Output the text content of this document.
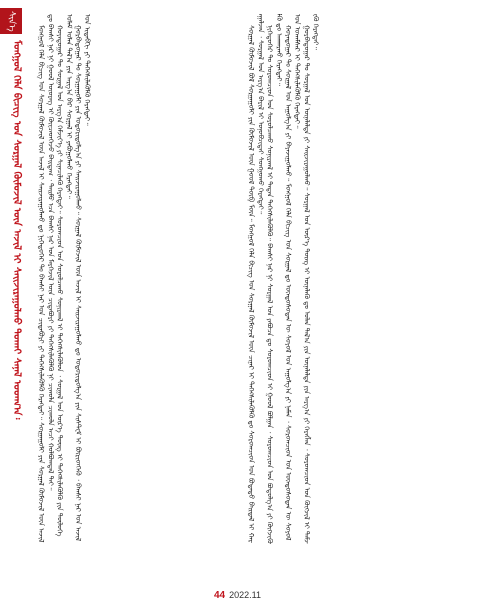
ᠰᠢᠨ᠎ᠡ
ᠮᠣᠩᠭᠣᠯ ᠬᠡᠯᠡ ᠪᠢᠴᠢᠭ ᠤᠨ ᠰᠤᠷᠭᠠᠯ ᠬᠦᠮᠦᠵᠢᠯ ᠦᠨ ᠠᠵᠢᠯ ᠢ ᠰᠠᠢᠵᠢᠷᠠᠭᠤᠯᠬᠤ ᠲᠤᠬᠠᠢ ᠰᠠᠨᠠᠯ ᠤᠳᠬ᠎ᠠ᠄ ᠮᠣᠩᠭᠣᠯ ᠬᠡᠯᠡ ᠪᠢᠴᠢᠭ ᠤᠨ ᠰᠤᠷᠭᠠᠯ ᠬᠦᠮᠦᠵᠢᠯ ᠦᠨ ᠠᠵᠢᠯ ᠢ ᠰᠠᠢᠵᠢᠷᠠᠭᠤᠯᠬᠤ ᠳᠤ ᠨᠢᠭᠡᠳᠦᠭᠡᠷ ᠲᠤ ᠪᠠᠭᠰᠢ ᠨᠠᠷ ᠤᠨ ᠴᠢᠳᠠᠪᠤᠷᠢ ᠶᠢ ᠳᠡᠭᠡᠭᠰᠢᠯᠡᠭᠦᠯᠬᠦ ᠬᠡᠷᠡᠭᠲᠡᠢ᠃ ᠰᠤᠷᠭᠠᠭᠤᠯᠢ ᠶᠢᠨ ᠰᠤᠷᠭᠠᠯ ᠬᠦᠮᠦᠵᠢᠯ ᠦᠨ ᠠᠵᠢᠯ ᠳᠤ ᠪᠠᠭᠰᠢ ᠨᠠᠷ ᠨᠢ ᠭᠣᠣᠯ ᠦᠦᠷᠡᠭ ᠢ ᠭᠦᠢᠴᠡᠳᠬᠡᠵᠦ ᠪᠠᠢᠳᠠᠭ ᠂ ᠲᠡᠢᠮᠦ ᠡᠴᠡ ᠪᠠᠭᠰᠢ ᠨᠠᠷ ᠤᠨ ᠮᠡᠷᠭᠡᠵᠢᠯ ᠦᠨ ᠴᠢᠳᠠᠪᠤᠷᠢ ᠶᠢ ᠳᠡᠭᠡᠭᠰᠢᠯᠡᠭᠦᠯᠬᠦ ᠨᠢ ᠴᠢᠬᠤᠯᠠ ᠴᠢᠬᠤᠯᠠ ᠠᠴᠢ ᠬᠣᠯᠪᠣᠭᠳᠠᠯ ᠲᠠᠢ᠃ ᠬᠣᠶᠠᠳᠤᠭᠠᠷ ᠲᠤ ᠰᠤᠷᠭᠠᠯ ᠤᠨ ᠠᠷᠭ᠎ᠠ ᠬᠡᠮᠵᠢᠶ᠎ᠡ ᠶᠢ ᠰᠢᠨᠡᠴᠢᠯᠡᠬᠦ ᠬᠡᠷᠡᠭᠲᠡᠢ᠃ ᠰᠤᠷᠤᠭᠴᠢᠳ ᠤᠨ ᠰᠤᠷᠤᠯᠴᠠᠬᠤ ᠰᠣᠨᠢᠷᠬᠠᠯ ᠢ ᠳᠡᠭᠡᠭᠰᠢᠯᠡᠭᠦᠯᠦᠨ ᠂ ᠰᠤᠷᠭᠠᠯ ᠤᠨ ᠦᠷ᠎ᠡ ᠳᠦᠩ ᠢ ᠳᠡᠭᠡᠭᠰᠢᠯᠡᠭᠦᠯᠬᠦ ᠶᠢᠨ ᠲᠥᠯᠦᠭᠡ ᠤᠯᠠᠮ ᠣᠯᠠᠨ ᠲᠠᠯ᠎ᠠ ᠶᠢᠨ ᠠᠷᠭ᠎ᠠ ᠪᠠᠷ ᠰᠤᠷᠭᠠᠯ ᠢ ᠶᠠᠪᠤᠭᠤᠯᠬᠤ ᠬᠡᠷᠡᠭᠲᠡᠢ᠃ ᠭᠤᠷᠪᠠᠳᠤᠭᠠᠷ ᠲᠤ ᠰᠤᠷᠭᠠᠭᠤᠯᠢ ᠶᠢᠨ ᠤᠳᠤᠷᠢᠳᠤᠯᠭ᠎ᠠ ᠶᠢ ᠰᠠᠢᠵᠢᠷᠠᠭᠤᠯᠬᠤ᠃ ᠰᠤᠷᠭᠠᠯ ᠬᠦᠮᠦᠵᠢᠯ ᠦᠨ ᠠᠵᠢᠯ ᠢ ᠰᠠᠢᠵᠢᠷᠠᠭᠤᠯᠬᠤ ᠳᠤ ᠤᠳᠤᠷᠢᠳᠤᠯᠭ᠎ᠠ ᠶᠢᠨ ᠰᠢᠰᠲ᠋ᠧᠮ ᠢ ᠪᠦᠷᠢᠳᠬᠡᠬᠦ ᠂ ᠪᠠᠭᠰᠢ ᠨᠠᠷ ᠤᠨ ᠠᠵᠢᠯ ᠤᠨ ᠢᠳᠡᠪᠬᠢ ᠶᠢ ᠳᠡᠭᠡᠭᠰᠢᠯᠡᠭᠦᠯᠬᠦ ᠬᠡᠷᠡᠭᠲᠡᠢ᠃	ᠰᠤᠷᠭᠠᠯ ᠬᠦᠮᠦᠵᠢᠯ ᠪᠣᠯ ᠰᠤᠷᠭᠠᠭᠤᠯᠢ ᠶᠢᠨ ᠬᠦᠮᠦᠵᠢᠯ ᠦᠨ ᠭᠣᠣᠯ ᠲᠥᠪ ᠮᠥᠨ᠃ ᠮᠣᠩᠭᠣᠯ ᠬᠡᠯᠡ ᠪᠢᠴᠢᠭ ᠤᠨ ᠰᠤᠷᠭᠠᠯ ᠬᠦᠮᠦᠵᠢᠯ ᠦᠨ ᠴᠢᠨᠠᠷ ᠢ ᠳᠡᠭᠡᠭᠰᠢᠯᠡᠭᠦᠯᠬᠦ ᠳᠤ ᠰᠤᠷᠤᠭᠴᠢᠳ ᠤᠨ ᠪᠣᠳᠠᠲᠤ ᠪᠠᠢᠳᠠᠯ ᠢ ᠬᠠᠷᠠᠭᠠᠯᠵᠠᠨ ᠂ ᠰᠤᠷᠭᠠᠯ ᠤᠨ ᠠᠷᠭ᠎ᠠ ᠪᠠᠷᠢᠯ ᠢ ᠣᠨᠣᠪᠴᠢᠲᠠᠢ ᠰᠣᠩᠭᠣᠬᠤ ᠬᠡᠷᠡᠭᠲᠡᠢ᠃ ᠨᠢᠭᠡᠳᠦᠭᠡᠷ ᠲᠤ ᠰᠤᠷᠤᠭᠴᠢᠳ ᠤᠨ ᠰᠤᠷᠤᠯᠴᠠᠬᠤ ᠰᠣᠨᠢᠷᠬᠠᠯ ᠢ ᠲᠠᠲᠠᠨ ᠳᠡᠭᠡᠭᠰᠢᠯᠡᠭᠦᠯᠬᠦ᠃ ᠪᠠᠭᠰᠢ ᠨᠠᠷ ᠨᠢ ᠰᠤᠷᠭᠠᠯ ᠤᠨ ᠶᠠᠪᠤᠴᠠ ᠳᠤ ᠰᠤᠷᠤᠭᠴᠢᠳ ᠢ ᠭᠣᠣᠯ ᠪᠣᠯᠭᠠᠨ ᠂ ᠰᠤᠷᠤᠭᠴᠢᠳ ᠤᠨ ᠪᠣᠳᠤᠯᠭ᠎ᠠ ᠶᠢ ᠬᠥᠭᠵᠢᠭᠦᠯᠬᠦ ᠳᠤ ᠠᠨᠬᠠᠷᠬᠤ ᠬᠡᠷᠡᠭᠲᠡᠢ᠃ ᠬᠣᠶᠠᠳᠤᠭᠠᠷ ᠲᠤ ᠰᠤᠷᠭᠠᠯ ᠤᠨ ᠠᠭᠤᠯᠭ᠎ᠠ ᠶᠢ ᠪᠠᠶᠠᠵᠢᠭᠤᠯᠬᠤ᠃ ᠮᠣᠩᠭᠣᠯ ᠬᠡᠯᠡ ᠪᠢᠴᠢᠭ ᠤᠨ ᠰᠤᠷᠭᠠᠯ ᠳᠤ ᠦᠨᠳᠦᠰᠦᠲᠡᠨ ᠦ ᠰᠣᠶᠣᠯ ᠤᠨ ᠠᠭᠤᠯᠭ᠎ᠠ ᠶᠢ ᠨᠡᠮᠡᠨ ᠂ ᠰᠤᠷᠤᠭᠴᠢᠳ ᠤᠨ ᠦᠨᠳᠦᠰᠦᠲᠡᠨ ᠦ ᠰᠣᠶᠣᠯ ᠤᠨ ᠤᠬᠠᠮᠰᠠᠷ ᠢ ᠳᠡᠭᠡᠭᠰᠢᠯᠡᠭᠦᠯᠬᠦ ᠬᠡᠷᠡᠭᠲᠡᠢ᠃ ᠭᠤᠷᠪᠠᠳᠤᠭᠠᠷ ᠲᠤ ᠰᠤᠷᠭᠠᠯ ᠤᠨ ᠦᠨᠡᠯᠡᠯᠲᠡ ᠶᠢ ᠰᠠᠢᠵᠢᠷᠠᠭᠤᠯᠬᠤ᠃ ᠰᠤᠷᠭᠠᠯ ᠤᠨ ᠦᠷ᠎ᠡ ᠳᠦᠩ ᠢ ᠦᠨᠡᠯᠡᠬᠦ ᠳᠤ ᠣᠯᠠᠨ ᠲᠠᠯ᠎ᠠ ᠶᠢᠨ ᠦᠨᠡᠯᠡᠯᠲᠡ ᠶᠢᠨ ᠠᠷᠭ᠎ᠠ ᠶᠢ ᠬᠡᠷᠡᠭᠯᠡᠨ ᠂ ᠰᠤᠷᠤᠭᠴᠢᠳ ᠤᠨ ᠬᠥᠭᠵᠢᠯ ᠢ ᠳᠡᠮᠵᠢᠬᠦ ᠬᠡᠷᠡᠭᠲᠡᠢ᠃

44 2022.11
